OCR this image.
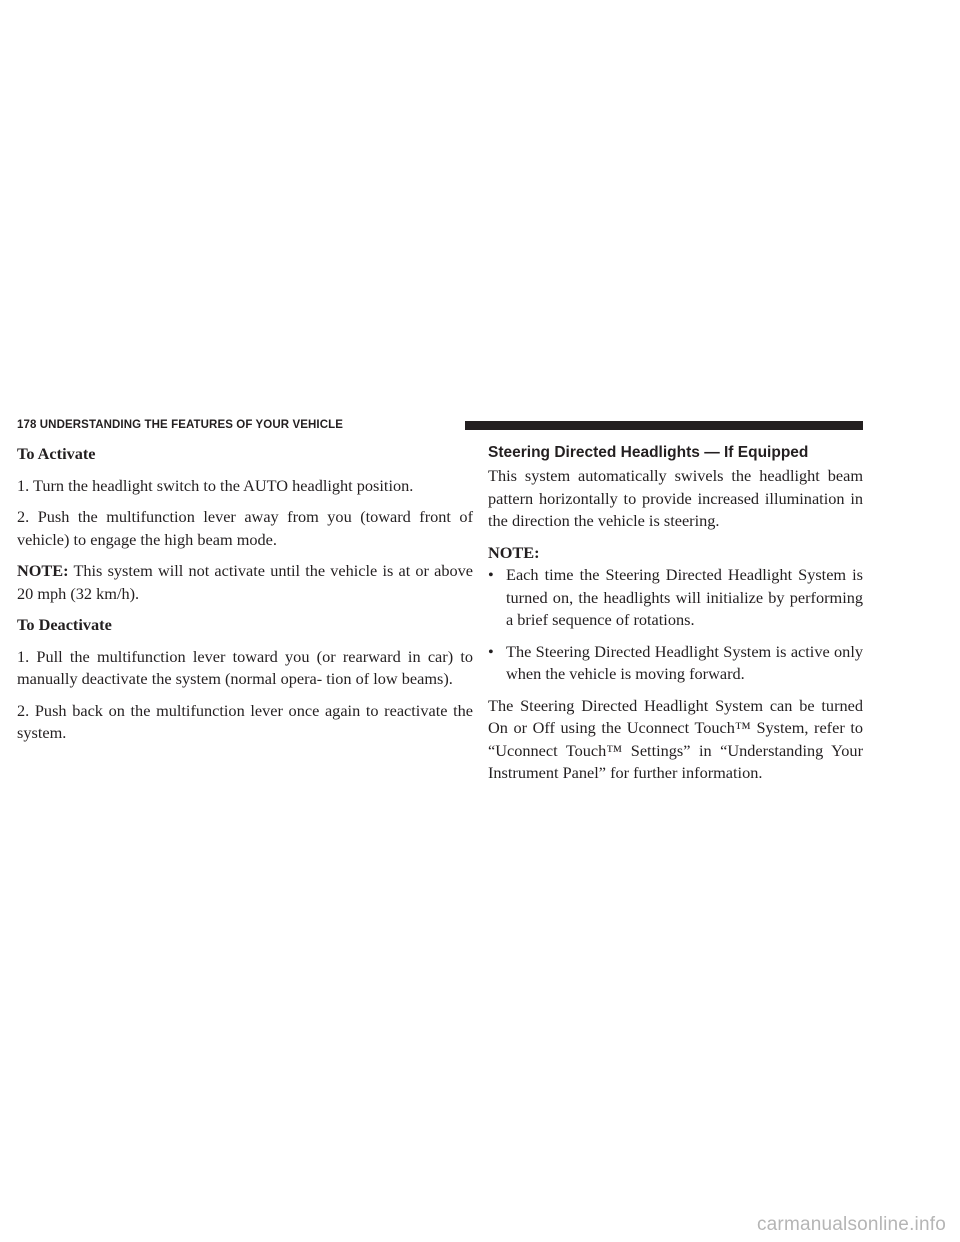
178 UNDERSTANDING THE FEATURES OF YOUR VEHICLE

To Activate

1. Turn the headlight switch to the AUTO headlight position.

2. Push the multifunction lever away from you (toward front of vehicle) to engage the high beam mode.

NOTE: This system will not activate until the vehicle is at or above 20 mph (32 km/h).

To Deactivate

1. Pull the multifunction lever toward you (or rearward in car) to manually deactivate the system (normal opera- tion of low beams).

2. Push back on the multifunction lever once again to reactivate the system.

Steering Directed Headlights — If Equipped

This system automatically swivels the headlight beam pattern horizontally to provide increased illumination in the direction the vehicle is steering.

NOTE:

• Each time the Steering Directed Headlight System is turned on, the headlights will initialize by performing a brief sequence of rotations.
• The Steering Directed Headlight System is active only when the vehicle is moving forward.

The Steering Directed Headlight System can be turned On or Off using the Uconnect Touch™ System, refer to “Uconnect Touch™ Settings” in “Understanding Your Instrument Panel” for further information.

carmanualsonline.info
